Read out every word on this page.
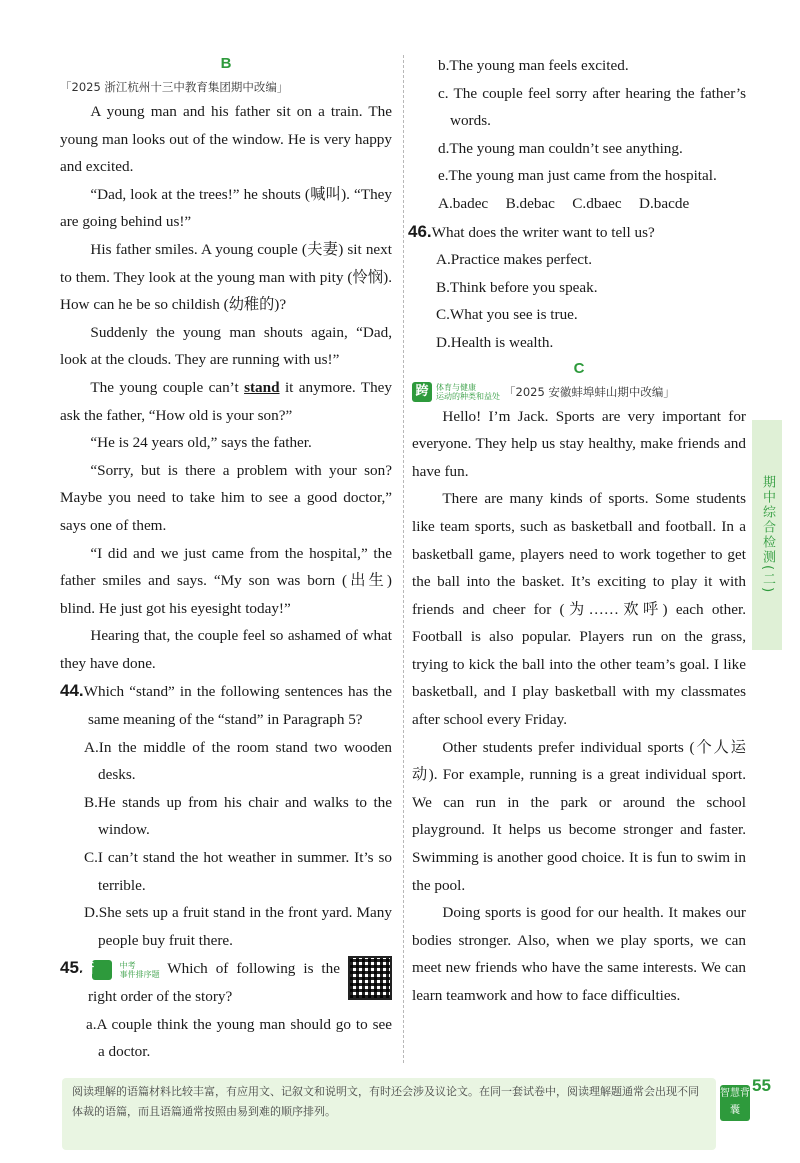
B
「2025 浙江杭州十三中教育集团期中改编」

A young man and his father sit on a train. The young man looks out of the window. He is very happy and excited.

“Dad, look at the trees!” he shouts (喊叫). “They are going behind us!”

His father smiles. A young couple (夫妻) sit next to them. They look at the young man with pity (怜悯). How can he be so childish (幼稚的)?

Suddenly the young man shouts again, “Dad, look at the clouds. They are running with us!”

The young couple can’t stand it anymore. They ask the father, “How old is your son?”

“He is 24 years old,” says the father.

“Sorry, but is there a problem with your son? Maybe you need to take him to see a good doctor,” says one of them.

“I did and we just came from the hospital,” the father smiles and says. “My son was born (出生) blind. He just got his eyesight today!”

Hearing that, the couple feel so ashamed of what they have done.

44.Which “stand” in the following sentences has the same meaning of the “stand” in Paragraph 5?

A.In the middle of the room stand two wooden desks.

B.He stands up from his chair and walks to the window.

C.I can’t stand the hot weather in summer. It’s so terrible.

D.She sets up a fruit stand in the front yard. Many people buy fruit there.

45. 新	中考
事件排序题 Which of following is the right order of the story?

a.A couple think the young man should go to see a doctor.

b.The young man feels excited.

c. The couple feel sorry after hearing the father’s words.

d.The young man couldn’t see anything.

e.The young man just came from the hospital.

A.badec   B.debac   C.dbaec   D.bacde

46.What does the writer want to tell us?

A.Practice makes perfect.

B.Think before you speak.

C.What you see is true.

D.Health is wealth.

C
跨 体育与健康
运动的种类和益处 「2025 安徽蚌埠蚌山期中改编」

Hello! I’m Jack. Sports are very important for everyone. They help us stay healthy, make friends and have fun.

There are many kinds of sports. Some students like team sports, such as basketball and football. In a basketball game, players need to work together to get the ball into the basket. It’s exciting to play it with friends and cheer for (为……欢呼) each other. Football is also popular. Players run on the grass, trying to kick the ball into the other team’s goal. I like basketball, and I play basketball with my classmates after school every Friday.

Other students prefer individual sports (个人运动). For example, running is a great individual sport. We can run in the park or around the school playground. It helps us become stronger and faster. Swimming is another good choice. It is fun to swim in the pool.

Doing sports is good for our health. It makes our bodies stronger. Also, when we play sports, we can meet new friends who have the same interests. We can learn teamwork and how to face difficulties.

期中综合检测(二)
阅读理解的语篇材料比较丰富，有应用文、记叙文和说明文，有时还会涉及议论文。在同一套试卷中，阅读理解题通常会出现不同体裁的语篇，而且语篇通常按照由易到难的顺序排列。
智慧背囊
55
